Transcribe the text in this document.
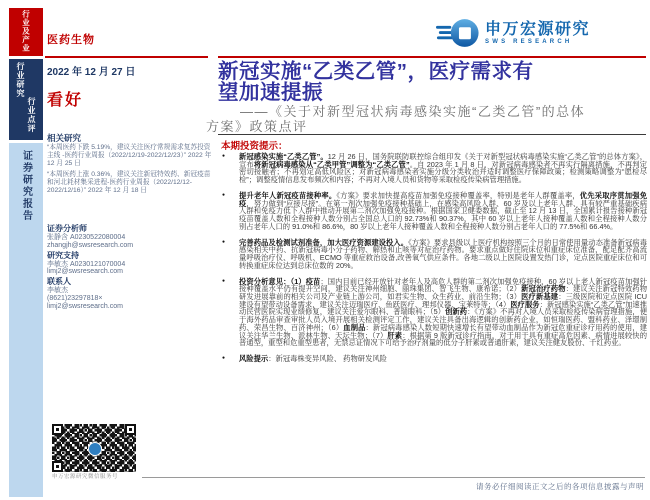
行业及产业
行业研究
行业点评
证券研究报告
医药生物
2022 年 12 月 27 日
看好
相关研究
“本周医药下跌 5.19%，建议关注医疗常规需求复苏投资主线 -医药行业周报（2022/12/19-2022/12/23）” 2022 年 12 月 25 日
“本周医药上涨 0.36%，建议关注新冠特效药、新冠疫苗和河北耗材集采进程-医药行业周报（2022/12/12-2022/12/16）” 2022 年 12 月 18 日
证券分析师
张静含 A0230522080004
zhangjh@swsresearch.com
研究支持
李敏杰 A0230121070004
limj2@swsresearch.com
联系人
李敏杰
(8621)23297818×
limj2@swsresearch.com
申万宏源研究微信服务号
申万宏源研究
SWS RESEARCH
新冠实施“乙类乙管”，医疗需求有
望加速提振
——《关于对新型冠状病毒感染实施“乙类乙管”的总体
方案》政策点评
本期投资提示：
● 新冠感染实施“乙类乙管”。12 月 26 日，国务院联防联控综合组印发《关于对新型冠状病毒感染实施“乙类乙管”的总体方案》，宣布将新冠病毒感染从“乙类甲管”调整为“乙类乙管”。自 2023 年 1 月 8 日，对新冠病毒感染者不再实行隔离措施，不再判定密切接触者；不再划定高低风险区；对新冠病毒感染者实施分级分类收治并适时调整医疗保障政策；检测策略调整为“愿检尽检”；调整疫情信息发布频次和内容；不再对入境人员和货物等采取检疫传染病管理措施。
● 提升老年人新冠疫苗接种率。《方案》要求加快提高疫苗加强免疫接种覆盖率，特别是老年人群覆盖率，优先采取序贯加强免疫，努力做到“应接尽接”。在第一剂次加强免疫接种基础上，在感染高风险人群、60 岁及以上老年人群、具有较严重基础疾病人群和免疫力低下人群中推动开展第二剂次加强免疫接种。根据国家卫健委数据，截止至 12 月 13 日，全国累计报告接种新冠疫苗覆盖人数和全程接种人数分别占全国总人口的 92.73%和 90.37%，其中 60 岁以上老年人接种覆盖人数和全程接种人数分别占老年人口的 91.0%和 86.6%，80 岁以上老年人接种覆盖人数和全程接种人数分别占老年人口的 77.5%和 66.4%。
● 完善药品及检测试剂准备，加大医疗资源建设投入。《方案》要求县级以上医疗机构按照三个月的日常使用量动态准备新冠病毒感染相关中药、抗新冠病毒小分子药物、解热和止咳等对症治疗药物。要求重点做好住院床位和重症床位准备，配足配齐高流量呼吸治疗仪、呼吸机、ECMO 等重症救治设备,改善氧气供应条件。各地二级以上医院设置发热门诊，定点医院重症床位和可转换重症床位达到总床位数的 20%。
● 投资分析意见：（1）疫苗：国内目前已经开放针对老年人及高危人群的第二剂次加强免疫接种，60 岁以上老人新冠疫苗加强针接种覆盖水平仍有提升空间，建议关注神州细胞、丽珠集团、智飞生物、康希诺；（2）新冠治疗药物：建议关注新冠特效药物研发进展靠前的相关公司及产业链上游公司，如君实生物、众生药业、前沿生物；（3）医疗新基建：三级医院和定点医院 ICU 建设有望带动设备需求，建议关注迈瑞医疗、鱼跃医疗、理邦仪器、宝莱特等；（4）医疗服务：新冠感染实施“乙类乙管”加速推动民营医院实现业绩修复，建议关注爱尔眼科、普瑞眼科；（5）创新药：《方案》不再对入境人员采取检疫传染病管理措施，便于海外药品审查审批人员入境开展相关检测评定工作，建议关注具备出海逻辑的创新药企业，如恒瑞医药、盟科药业、泽璟制药、荣昌生物、百济神州；（6）血制品：新冠病毒感染人数短期快速增长有望带动血制品作为新冠危重症诊疗用药的使用，建议关注华兰生物、派林生物、天坛生物；（7）肝素：根据第 9 版新冠诊疗指南，对于用于具有重症高危因素、病情进展较快的普通型，重型和危重型患者，无禁忌证情况下可给予治疗剂量的低分子肝素或普通肝素，建议关注健友股份、千红药业。
● 风险提示：新冠毒株变异风险、 药物研发风险
请务必仔细阅读正文之后的各项信息披露与声明
